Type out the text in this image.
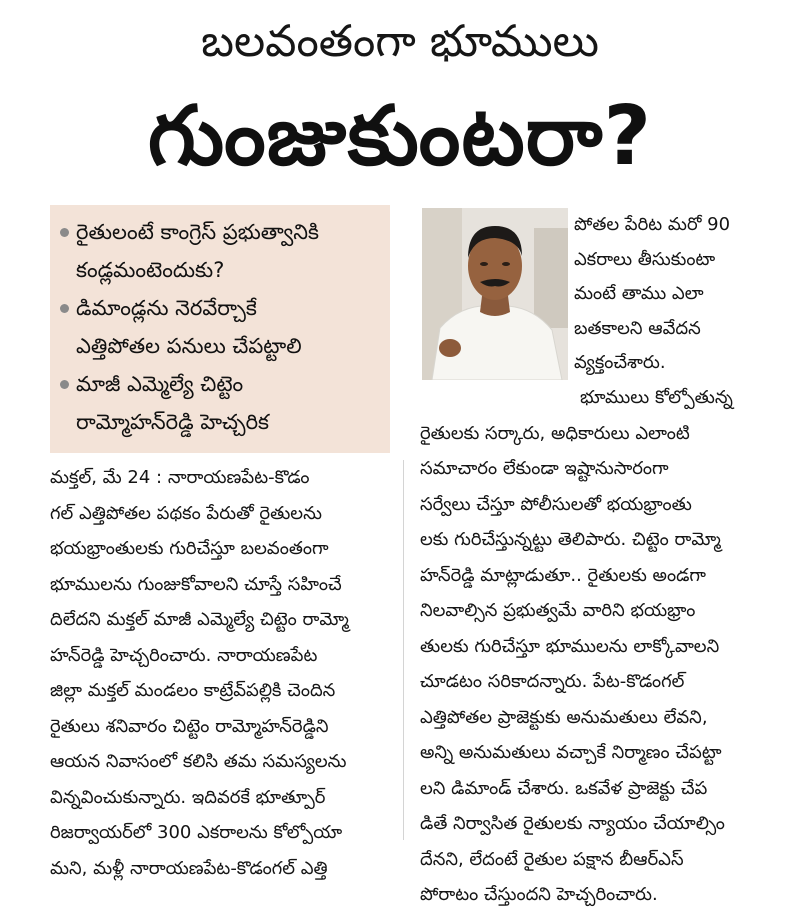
బలవంతంగా భూములు
గుంజుకుంటరా?
రైతులంటే కాంగ్రెస్ ప్రభుత్వానికి
కండ్లమంటెందుకు?
డిమాండ్లను నెరవేర్చాకే
ఎత్తిపోతల పనులు చేపట్టాలి
మాజీ ఎమ్మెల్యే చిట్టెం
రామ్మోహన్‌రెడ్డి హెచ్చరిక
పోతల పేరిట మరో 90
ఎకరాలు తీసుకుంటా
మంటే తాము ఎలా
బతకాలని ఆవేదన
వ్యక్తంచేశారు.
మక్తల్, మే 24 : నారాయణపేట-కొడం
గల్ ఎత్తిపోతల పథకం పేరుతో రైతులను
భయభ్రాంతులకు గురిచేస్తూ బలవంతంగా
భూములను గుంజుకోవాలని చూస్తే సహించే
దిలేదని మక్తల్ మాజీ ఎమ్మెల్యే చిట్టెం రామ్మో
హన్‌రెడ్డి హెచ్చరించారు. నారాయణపేట
జిల్లా మక్తల్ మండలం కాట్రేవ్‌పల్లికి చెందిన
రైతులు శనివారం చిట్టెం రామ్మోహన్‌రెడ్డిని
ఆయన నివాసంలో కలిసి తమ సమస్యలను
విన్నవించుకున్నారు. ఇదివరకే భూత్పూర్
రిజర్వాయర్‌లో 300 ఎకరాలను కోల్పోయా
మని, మళ్లీ నారాయణపేట-కొడంగల్ ఎత్తి
భూములు కోల్పోతున్న
రైతులకు సర్కారు, అధికారులు ఎలాంటి
సమాచారం లేకుండా ఇష్టానుసారంగా
సర్వేలు చేస్తూ పోలీసులతో భయభ్రాంతు
లకు గురిచేస్తున్నట్టు తెలిపారు. చిట్టెం రామ్మో
హన్‌రెడ్డి మాట్లాడుతూ.. రైతులకు అండగా
నిలవాల్సిన ప్రభుత్వమే వారిని భయభ్రాం
తులకు గురిచేస్తూ భూములను లాక్కోవాలని
చూడటం సరికాదన్నారు. పేట-కొడంగల్
ఎత్తిపోతల ప్రాజెక్టుకు అనుమతులు లేవని,
అన్ని అనుమతులు వచ్చాకే నిర్మాణం చేపట్టా
లని డిమాండ్ చేశారు. ఒకవేళ ప్రాజెక్టు చేప
డితే నిర్వాసిత రైతులకు న్యాయం చేయాల్సిం
దేనని, లేదంటే రైతుల పక్షాన బీఆర్ఎస్
పోరాటం చేస్తుందని హెచ్చరించారు.
